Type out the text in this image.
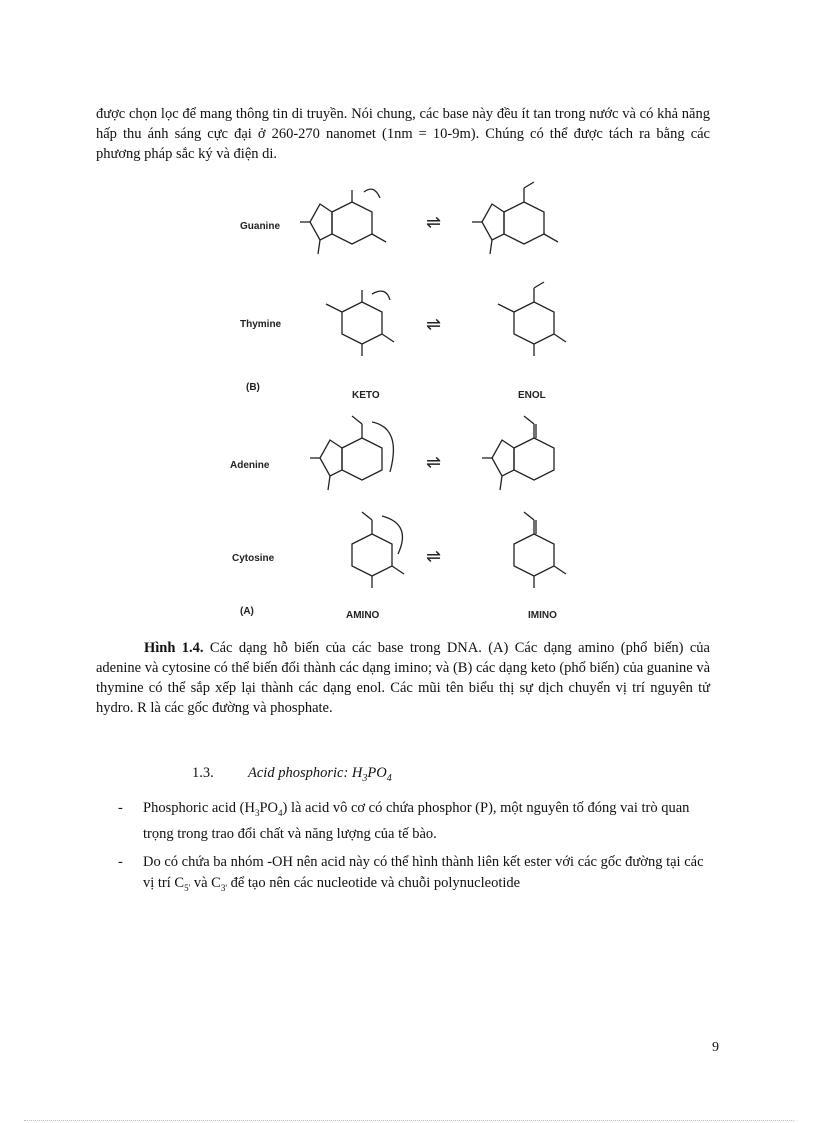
được chọn lọc để mang thông tin di truyền. Nói chung, các base này đều ít tan trong nước và có khả năng hấp thu ánh sáng cực đại ở 260-270 nanomet (1nm = 10-9m). Chúng có thể được tách ra bằng các phương pháp sắc ký và điện di.

Guanine
Thymine
Adenine
Cytosine
(B)
(A)
KETO	ENOL
AMINO	IMINO
⇌
⇌
⇌
⇌

Hình 1.4. Các dạng hỗ biến của các base trong DNA. (A) Các dạng amino (phổ biến) của adenine và cytosine có thể biến đổi thành các dạng imino; và (B) các dạng keto (phổ biến) của guanine và thymine có thể sắp xếp lại thành các dạng enol. Các mũi tên biểu thị sự dịch chuyển vị trí nguyên tử hydro. R là các gốc đường và phosphate.

1.3. Acid phosphoric: $H_3PO_4$

-	Phosphoric acid $(H_3PO_4)$ là acid vô cơ có chứa phosphor (P), một nguyên tố đóng vai trò quan trọng trong trao đổi chất và năng lượng của tế bào.
-	Do có chứa ba nhóm -OH nên acid này có thể hình thành liên kết ester với các gốc đường tại các vị trí $C_{5'}$ và $C_{3'}$ để tạo nên các nucleotide và chuỗi polynucleotide
9
